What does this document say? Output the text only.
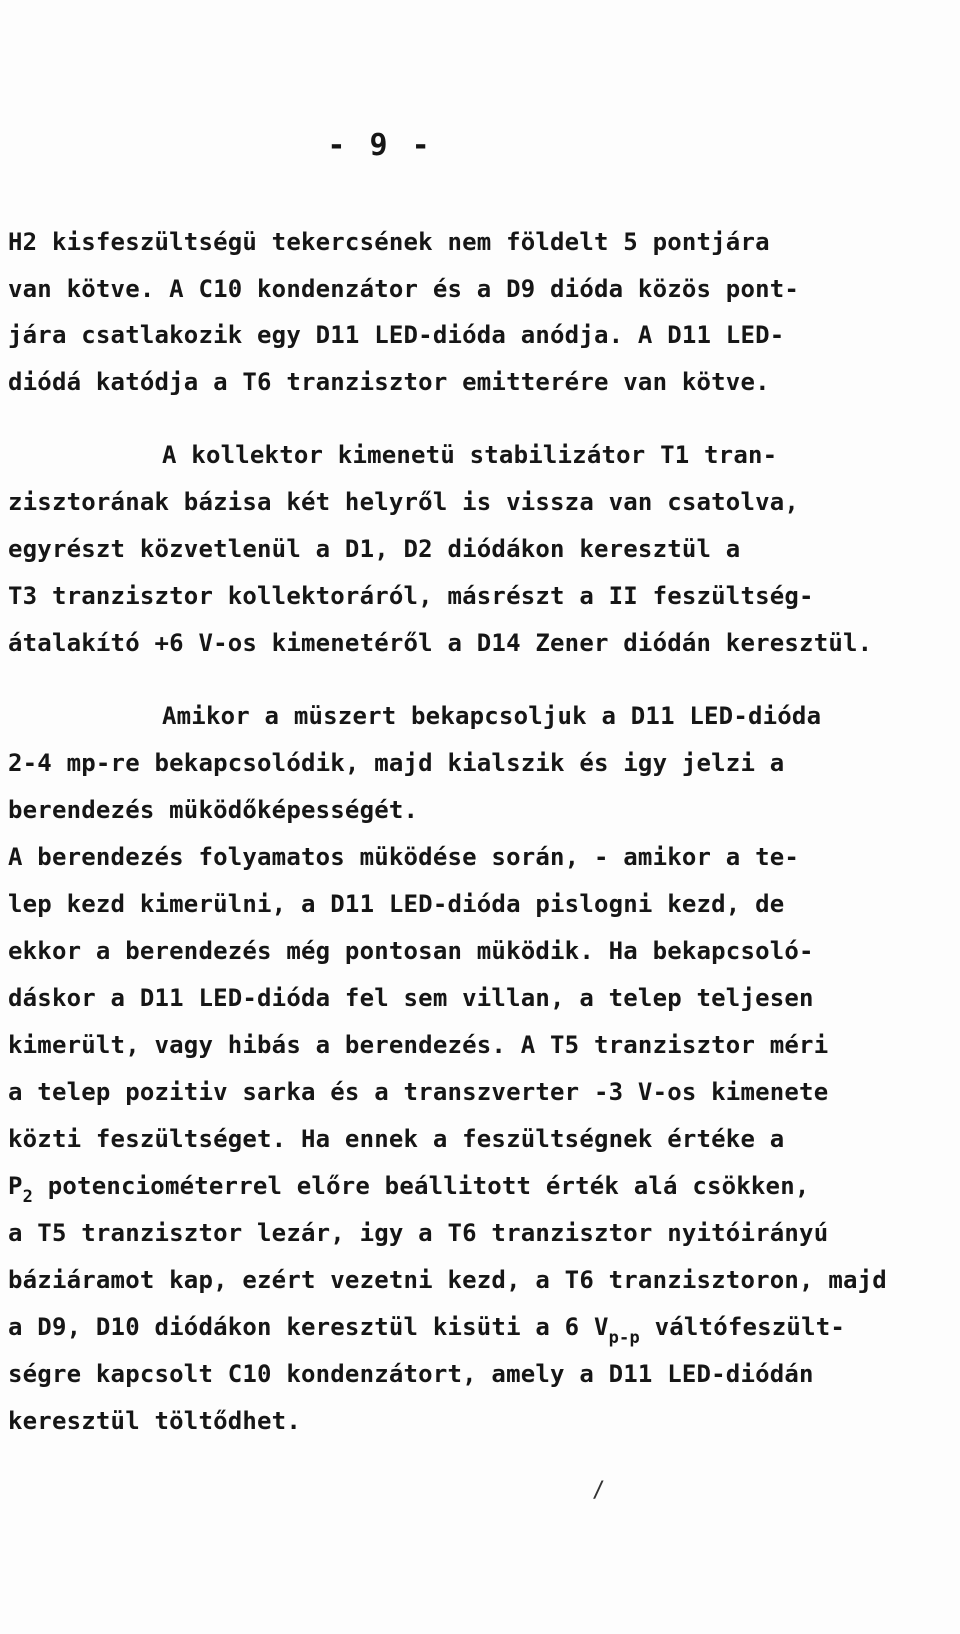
- 9 -
H2 kisfeszültségü tekercsének nem földelt 5 pontjára
van kötve. A C10 kondenzátor és a D9 dióda közös pont-
jára csatlakozik egy D11 LED-dióda anódja. A D11 LED-
diódá katódja a T6 tranzisztor emitterére van kötve.
A kollektor kimenetü stabilizátor T1 tran-
zisztorának bázisa két helyről is vissza van csatolva,
egyrészt közvetlenül a D1, D2 diódákon keresztül a
T3 tranzisztor kollektoráról, másrészt a II feszültség-
átalakító +6 V-os kimenetéről a D14 Zener diódán keresztül.
Amikor a müszert bekapcsoljuk a D11 LED-dióda
2-4 mp-re bekapcsolódik, majd kialszik és igy jelzi a
berendezés müködőképességét.
A berendezés folyamatos müködése során, - amikor a te-
lep kezd kimerülni, a D11 LED-dióda pislogni kezd, de
ekkor a berendezés még pontosan müködik. Ha bekapcsoló-
dáskor a D11 LED-dióda fel sem villan, a telep teljesen
kimerült, vagy hibás a berendezés. A T5 tranzisztor méri
a telep pozitiv sarka és a transzverter -3 V-os kimenete
közti feszültséget. Ha ennek a feszültségnek értéke a
$P_2$ potenciométerrel előre beállitott érték alá csökken,
a T5 tranzisztor lezár, igy a T6 tranzisztor nyitóirányú
báziáramot kap, ezért vezetni kezd, a T6 tranzisztoron, majd
a D9, D10 diódákon keresztül kisüti a 6 $V_{p-p}$ váltófeszült-
ségre kapcsolt C10 kondenzátort, amely a D11 LED-diódán
keresztül töltődhet.
/
